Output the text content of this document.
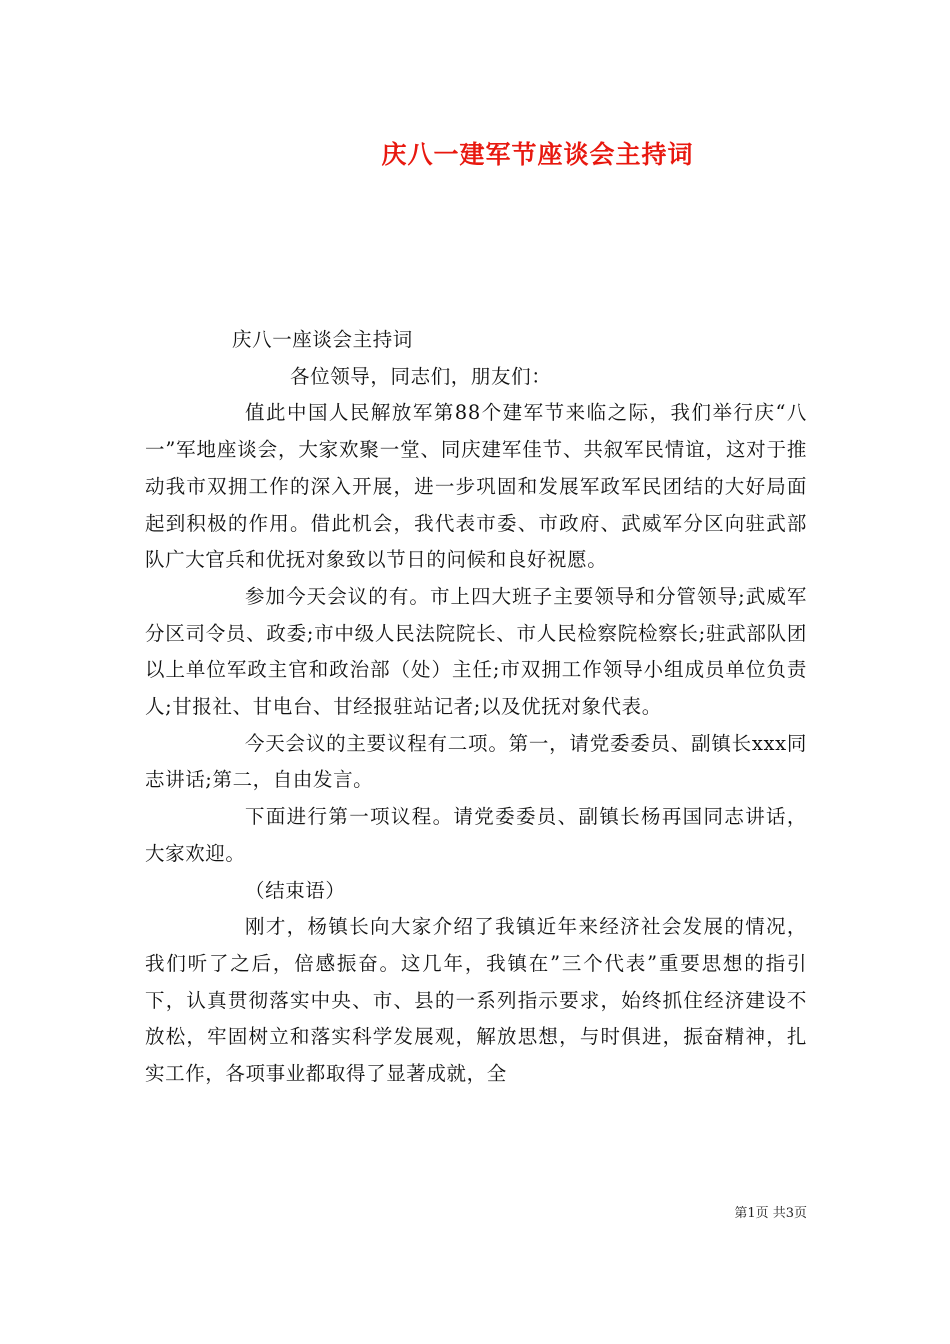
庆八一建军节座谈会主持词

庆八一座谈会主持词

各位领导，同志们，朋友们：

值此中国人民解放军第88个建军节来临之际，我们举行庆“八一”军地座谈会，大家欢聚一堂、同庆建军佳节、共叙军民情谊，这对于推动我市双拥工作的深入开展，进一步巩固和发展军政军民团结的大好局面起到积极的作用。借此机会，我代表市委、市政府、武威军分区向驻武部队广大官兵和优抚对象致以节日的问候和良好祝愿。

参加今天会议的有。市上四大班子主要领导和分管领导;武威军分区司令员、政委;市中级人民法院院长、市人民检察院检察长;驻武部队团以上单位军政主官和政治部（处）主任;市双拥工作领导小组成员单位负责人;甘报社、甘电台、甘经报驻站记者;以及优抚对象代表。

今天会议的主要议程有二项。第一，请党委委员、副镇长xxx同志讲话;第二，自由发言。

下面进行第一项议程。请党委委员、副镇长杨再国同志讲话，大家欢迎。

（结束语）

刚才，杨镇长向大家介绍了我镇近年来经济社会发展的情况，我们听了之后，倍感振奋。这几年，我镇在”三个代表”重要思想的指引下，认真贯彻落实中央、市、县的一系列指示要求，始终抓住经济建设不放松，牢固树立和落实科学发展观，解放思想，与时俱进，振奋精神，扎实工作，各项事业都取得了显著成就，全

第1页 共3页
